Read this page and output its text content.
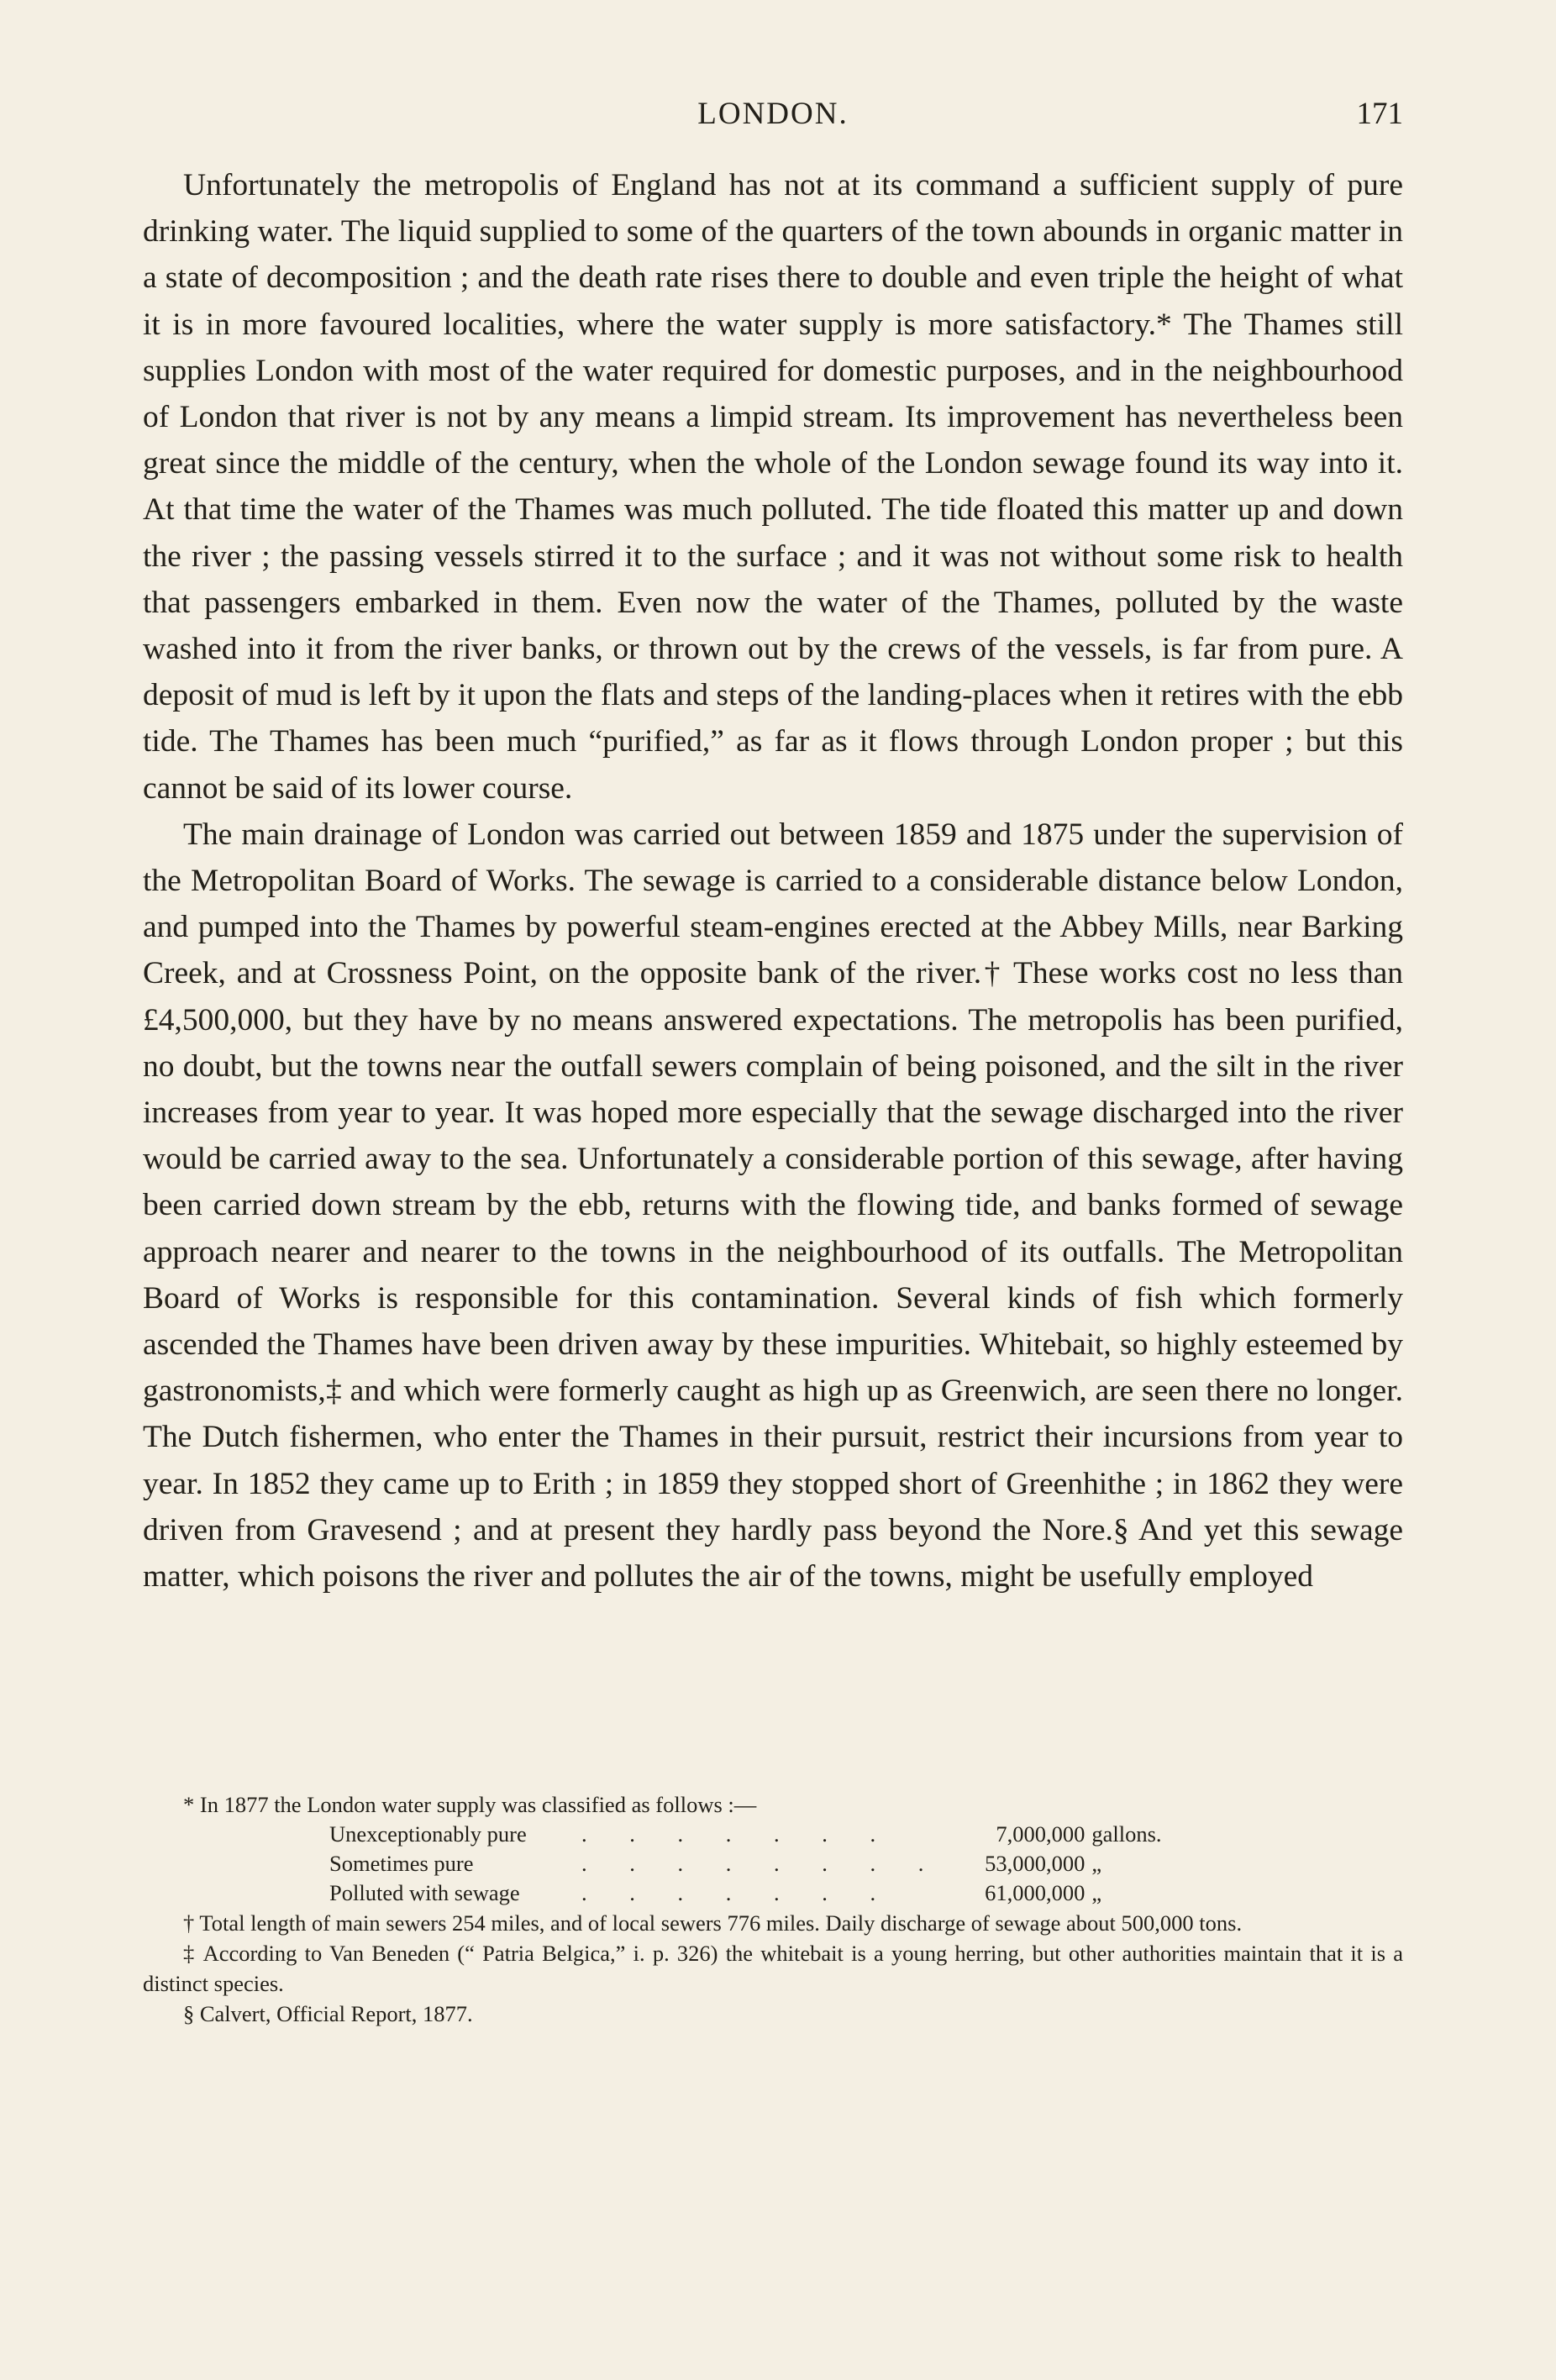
LONDON.	171

Unfortunately the metropolis of England has not at its command a sufficient supply of pure drinking water. The liquid supplied to some of the quarters of the town abounds in organic matter in a state of decomposition ; and the death rate rises there to double and even triple the height of what it is in more favoured localities, where the water supply is more satisfactory.* The Thames still supplies London with most of the water required for domestic purposes, and in the neighbourhood of London that river is not by any means a limpid stream. Its improvement has nevertheless been great since the middle of the century, when the whole of the London sewage found its way into it. At that time the water of the Thames was much polluted. The tide floated this matter up and down the river ; the passing vessels stirred it to the surface ; and it was not without some risk to health that passengers embarked in them. Even now the water of the Thames, polluted by the waste washed into it from the river banks, or thrown out by the crews of the vessels, is far from pure. A deposit of mud is left by it upon the flats and steps of the landing-places when it retires with the ebb tide. The Thames has been much “purified,” as far as it flows through London proper ; but this cannot be said of its lower course.

The main drainage of London was carried out between 1859 and 1875 under the supervision of the Metropolitan Board of Works. The sewage is carried to a considerable distance below London, and pumped into the Thames by powerful steam-engines erected at the Abbey Mills, near Barking Creek, and at Crossness Point, on the opposite bank of the river.† These works cost no less than £4,500,000, but they have by no means answered expectations. The metropolis has been purified, no doubt, but the towns near the outfall sewers complain of being poisoned, and the silt in the river increases from year to year. It was hoped more especially that the sewage discharged into the river would be carried away to the sea. Unfortunately a considerable portion of this sewage, after having been carried down stream by the ebb, returns with the flowing tide, and banks formed of sewage approach nearer and nearer to the towns in the neighbourhood of its outfalls. The Metropolitan Board of Works is responsible for this contamination. Several kinds of fish which formerly ascended the Thames have been driven away by these impurities. Whitebait, so highly esteemed by gastronomists,‡ and which were formerly caught as high up as Greenwich, are seen there no longer. The Dutch fishermen, who enter the Thames in their pursuit, restrict their incursions from year to year. In 1852 they came up to Erith ; in 1859 they stopped short of Greenhithe ; in 1862 they were driven from Gravesend ; and at present they hardly pass beyond the Nore.§ And yet this sewage matter, which poisons the river and pollutes the air of the towns, might be usefully employed

* In 1877 the London water supply was classified as follows :—

Unexceptionably pure	. . . . . . .	7,000,000	gallons.
Sometimes pure	. . . . . . . .	53,000,000	„
Polluted with sewage	. . . . . . .	61,000,000	„

† Total length of main sewers 254 miles, and of local sewers 776 miles. Daily discharge of sewage about 500,000 tons.

‡ According to Van Beneden (“ Patria Belgica,” i. p. 326) the whitebait is a young herring, but other authorities maintain that it is a distinct species.

§ Calvert, Official Report, 1877.
